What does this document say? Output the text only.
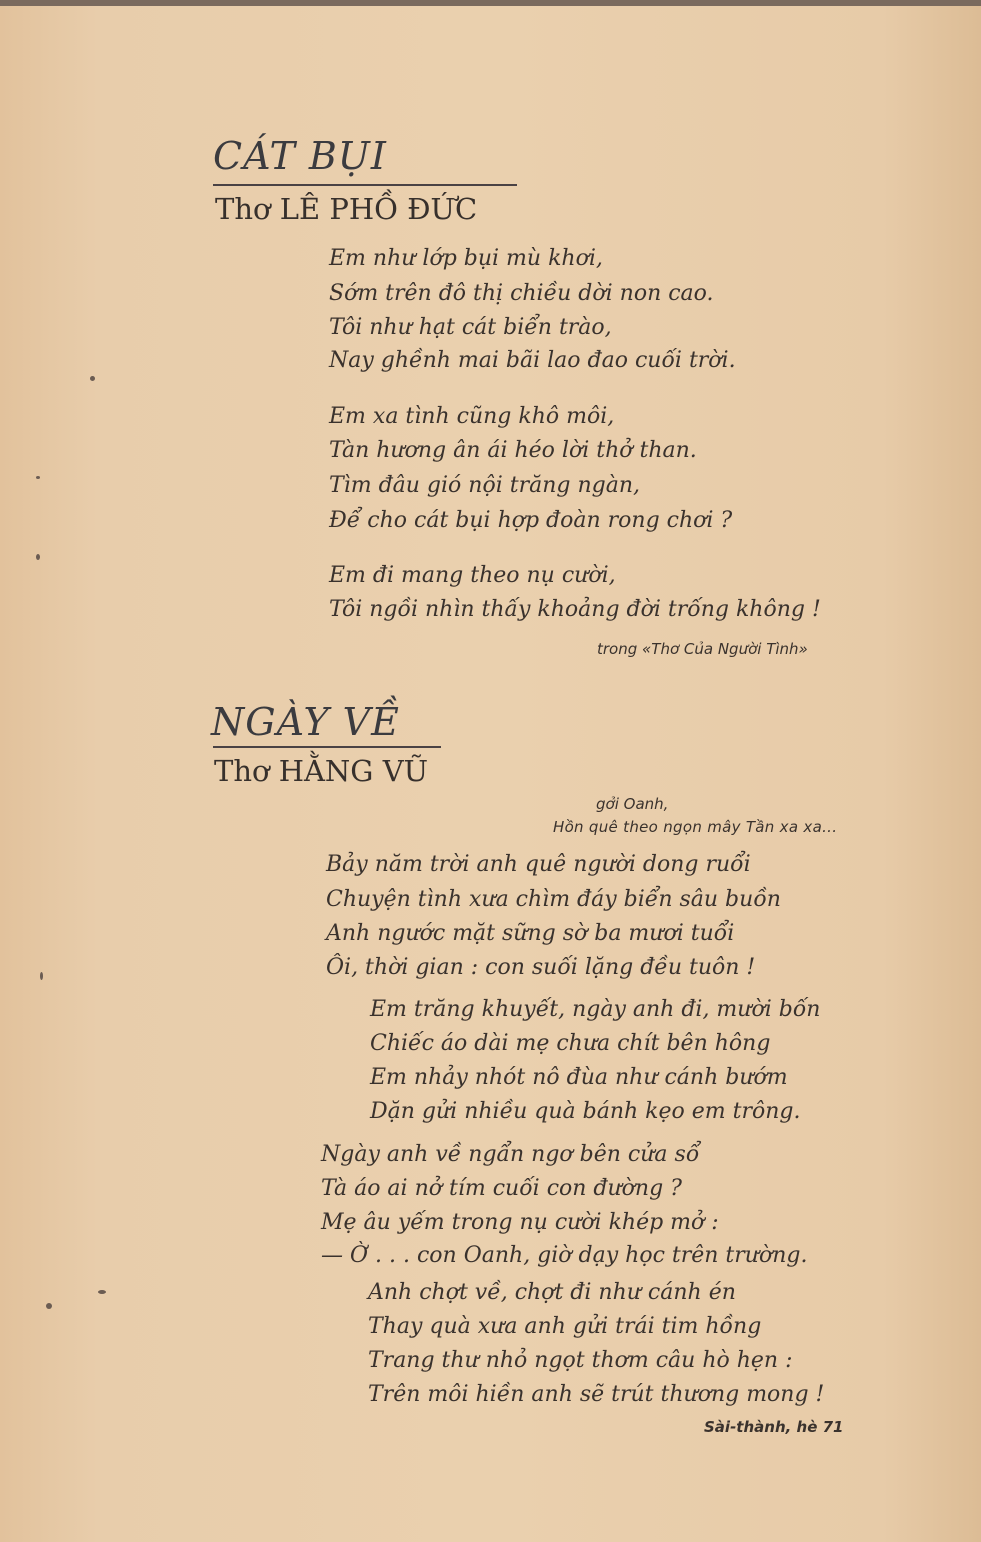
CÁT BỤI
Thơ LÊ PHỒ ĐỨC
Em như lớp bụi mù khơi,
Sớm trên đô thị chiều dời non cao.
Tôi như hạt cát biển trào,
Nay ghềnh mai bãi lao đao cuối trời.
Em xa tình cũng khô môi,
Tàn hương ân ái héo lời thở than.
Tìm đâu gió nội trăng ngàn,
Để cho cát bụi hợp đoàn rong chơi ?
Em đi mang theo nụ cười,
Tôi ngồi nhìn thấy khoảng đời trống không !
trong «Thơ Của Người Tình»
NGÀY VỀ
Thơ HẰNG VŨ
gởi Oanh,
Hồn quê theo ngọn mây Tần xa xa...
Bảy năm trời anh quê người dong ruổi
Chuyện tình xưa chìm đáy biển sâu buồn
Anh ngước mặt sững sờ ba mươi tuổi
Ôi, thời gian : con suối lặng đều tuôn !
Em trăng khuyết, ngày anh đi, mười bốn
Chiếc áo dài mẹ chưa chít bên hông
Em nhảy nhót nô đùa như cánh bướm
Dặn gửi nhiều quà bánh kẹo em trông.
Ngày anh về ngẩn ngơ bên cửa sổ
Tà áo ai nở tím cuối con đường ?
Mẹ âu yếm trong nụ cười khép mở :
— Ờ . . . con Oanh, giờ dạy học trên trường.
Anh chợt về, chợt đi như cánh én
Thay quà xưa anh gửi trái tim hồng
Trang thư nhỏ ngọt thơm câu hò hẹn :
Trên môi hiền anh sẽ trút thương mong !
Sài-thành, hè 71
